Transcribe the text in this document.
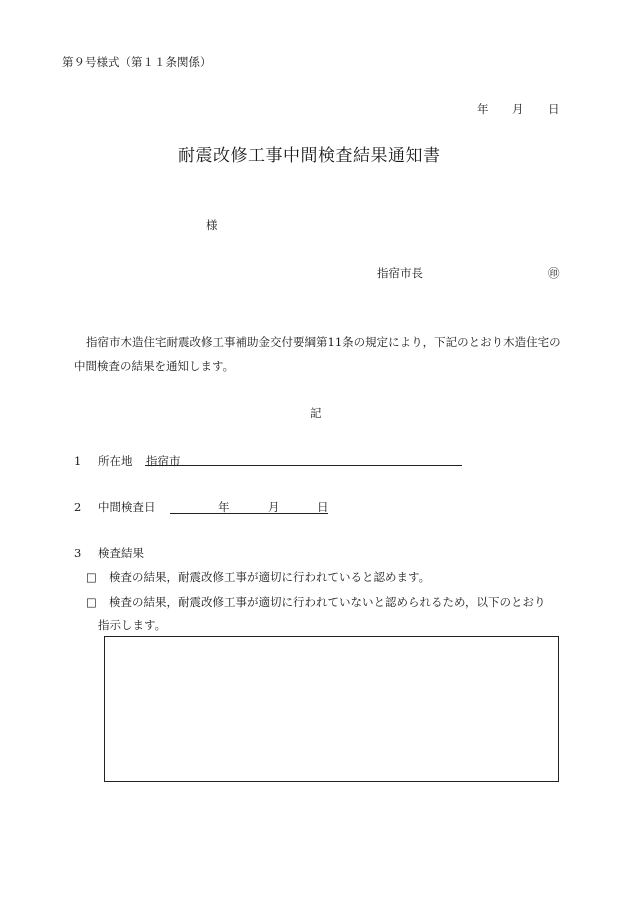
第９号様式（第１１条関係）
年 月 日
耐震改修工事中間検査結果通知書
様
指宿市長	㊞
指宿市木造住宅耐震改修工事補助金交付要綱第11条の規定により，下記のとおり木造住宅の
中間検査の結果を通知します。
記
1 所在地 指宿市
2 中間検査日	年	月	日
3 検査結果
□ 検査の結果，耐震改修工事が適切に行われていると認めます。
□ 検査の結果，耐震改修工事が適切に行われていないと認められるため，以下のとおり
指示します。
